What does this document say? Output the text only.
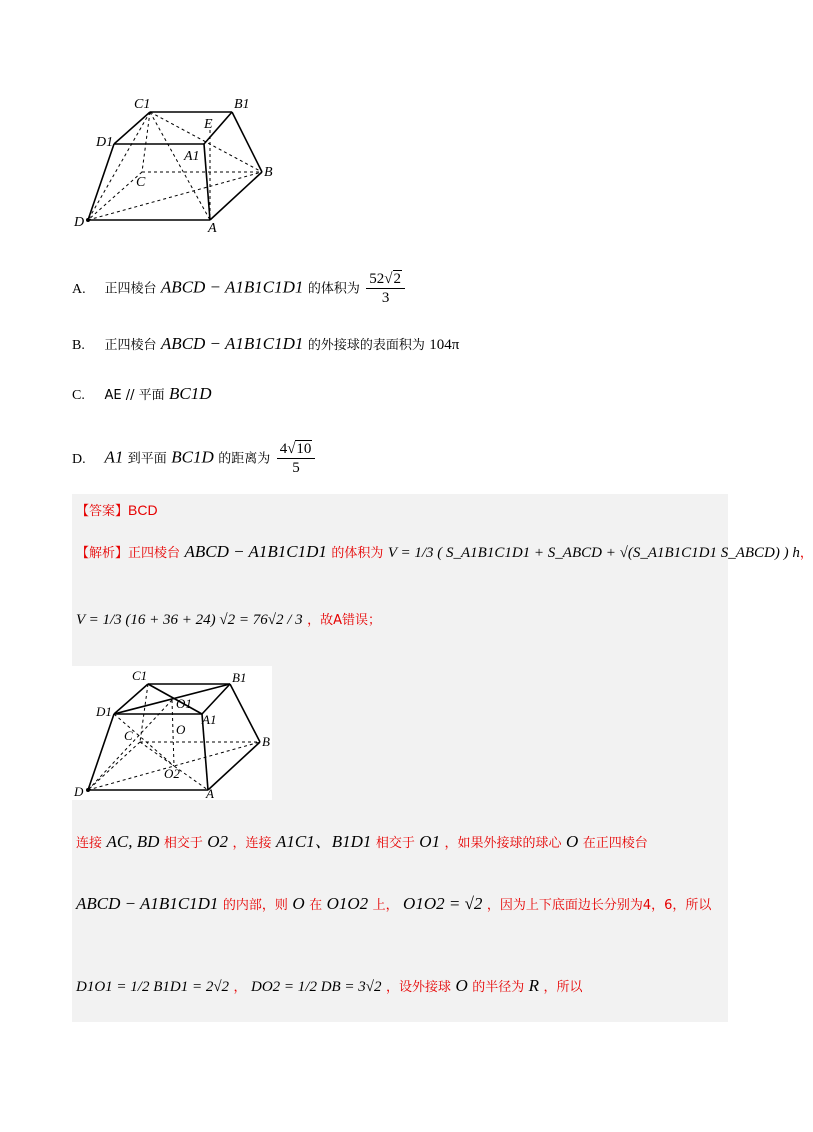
C1	B1
D1
E
A1
B
C
D	A
A. 正四棱台 ABCD − A1B1C1D1 的体积为 $\frac{52√2}{3}$
B. 正四棱台 ABCD − A1B1C1D1 的外接球的表面积为 104π
C. AE // 平面 BC1D
D. A1 到平面 BC1D 的距离为 $\frac{4√10}{5}$
【答案】BCD
【解析】正四棱台 ABCD − A1B1C1D1 的体积为 V = 1/3 ( S_A1B1C1D1 + S_ABCD + √(S_A1B1C1D1 S_ABCD) ) h，
V = 1/3 (16 + 36 + 24) √2 = 76√2 / 3 ，故A错误；
C1	B1
D1
O1
A1
O
C	B
O2
D	A
连接 AC, BD 相交于 O2 ，连接 A1C1、B1D1 相交于 O1 ，如果外接球的球心 O 在正四棱台
ABCD − A1B1C1D1 的内部，则 O 在 O1O2 上， O1O2 = √2 ，因为上下底面边长分别为4，6，所以
D1O1 = 1/2 B1D1 = 2√2 ， DO2 = 1/2 DB = 3√2 ，设外接球 O 的半径为 R ，所以
